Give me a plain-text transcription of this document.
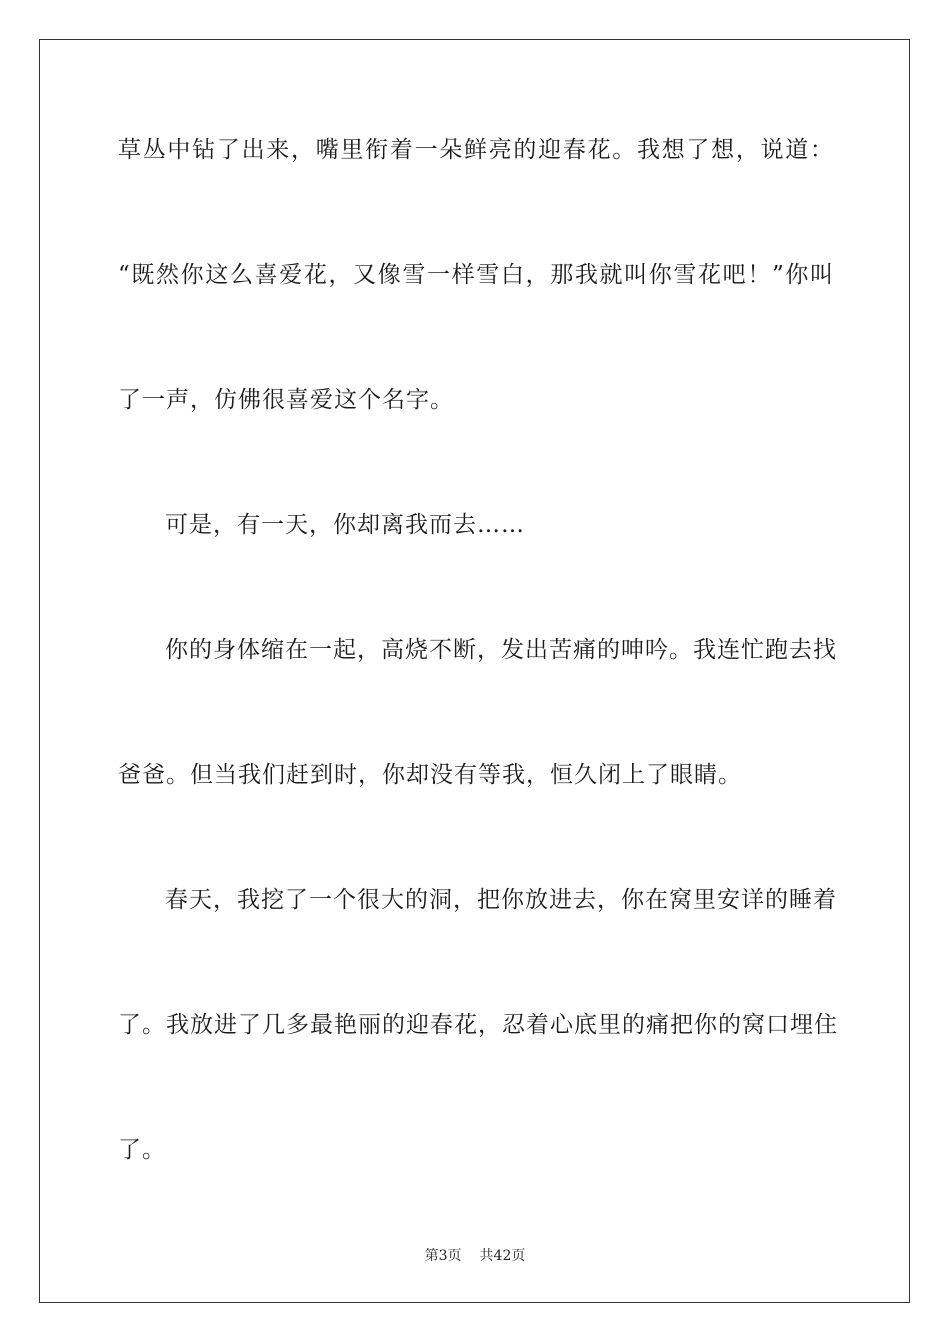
草丛中钻了出来，嘴里衔着一朵鲜亮的迎春花。我想了想，说道：
“既然你这么喜爱花，又像雪一样雪白，那我就叫你雪花吧！”你叫
了一声，仿佛很喜爱这个名字。
可是，有一天，你却离我而去……
你的身体缩在一起，高烧不断，发出苦痛的呻吟。我连忙跑去找
爸爸。但当我们赶到时，你却没有等我，恒久闭上了眼睛。
春天，我挖了一个很大的洞，把你放进去，你在窝里安详的睡着
了。我放进了几多最艳丽的迎春花，忍着心底里的痛把你的窝口埋住
了。
第3页 共42页
